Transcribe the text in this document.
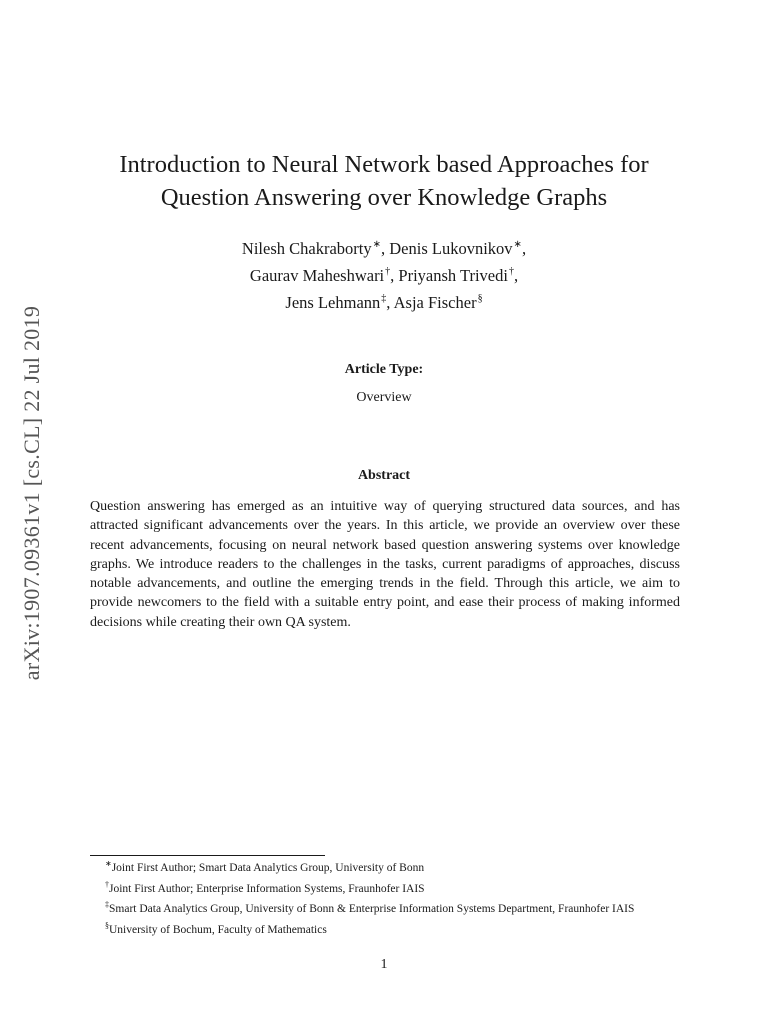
arXiv:1907.09361v1 [cs.CL] 22 Jul 2019
Introduction to Neural Network based Approaches for
Question Answering over Knowledge Graphs
Nilesh Chakraborty∗, Denis Lukovnikov∗,
Gaurav Maheshwari†, Priyansh Trivedi†,
Jens Lehmann‡, Asja Fischer§
Article Type:
Overview
Abstract
Question answering has emerged as an intuitive way of querying structured data sources, and has attracted significant advancements over the years. In this article, we provide an overview over these recent advancements, focusing on neural network based question answering systems over knowledge graphs. We introduce readers to the challenges in the tasks, current paradigms of approaches, discuss notable advancements, and outline the emerging trends in the field. Through this article, we aim to provide newcomers to the field with a suitable entry point, and ease their process of making informed decisions while creating their own QA system.
∗Joint First Author; Smart Data Analytics Group, University of Bonn
†Joint First Author; Enterprise Information Systems, Fraunhofer IAIS
‡Smart Data Analytics Group, University of Bonn & Enterprise Information Systems Department, Fraunhofer IAIS
§University of Bochum, Faculty of Mathematics
1
